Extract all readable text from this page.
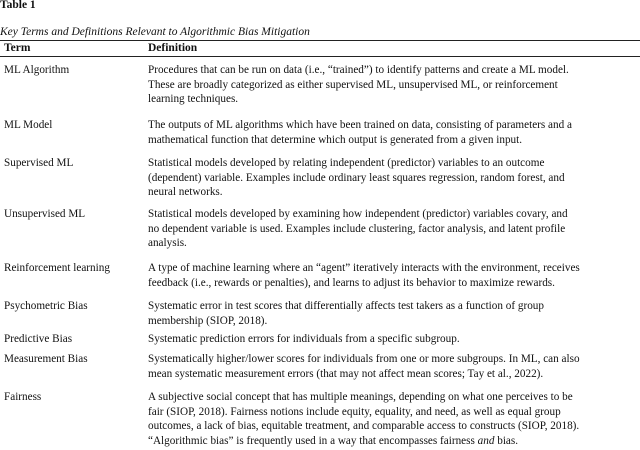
Table 1
Key Terms and Definitions Relevant to Algorithmic Bias Mitigation
Term	Definition
ML Algorithm	Procedures that can be run on data (i.e., “trained”) to identify patterns and create a ML model.
These are broadly categorized as either supervised ML, unsupervised ML, or reinforcement
learning techniques.
ML Model	The outputs of ML algorithms which have been trained on data, consisting of parameters and a
mathematical function that determine which output is generated from a given input.
Supervised ML	Statistical models developed by relating independent (predictor) variables to an outcome
(dependent) variable. Examples include ordinary least squares regression, random forest, and
neural networks.
Unsupervised ML	Statistical models developed by examining how independent (predictor) variables covary, and
no dependent variable is used. Examples include clustering, factor analysis, and latent profile
analysis.
Reinforcement learning	A type of machine learning where an “agent” iteratively interacts with the environment, receives
feedback (i.e., rewards or penalties), and learns to adjust its behavior to maximize rewards.
Psychometric Bias	Systematic error in test scores that differentially affects test takers as a function of group
membership (SIOP, 2018).
Predictive Bias	Systematic prediction errors for individuals from a specific subgroup.
Measurement Bias	Systematically higher/lower scores for individuals from one or more subgroups. In ML, can also
mean systematic measurement errors (that may not affect mean scores; Tay et al., 2022).
Fairness	A subjective social concept that has multiple meanings, depending on what one perceives to be
fair (SIOP, 2018). Fairness notions include equity, equality, and need, as well as equal group
outcomes, a lack of bias, equitable treatment, and comparable access to constructs (SIOP, 2018).
“Algorithmic bias” is frequently used in a way that encompasses fairness and bias.
